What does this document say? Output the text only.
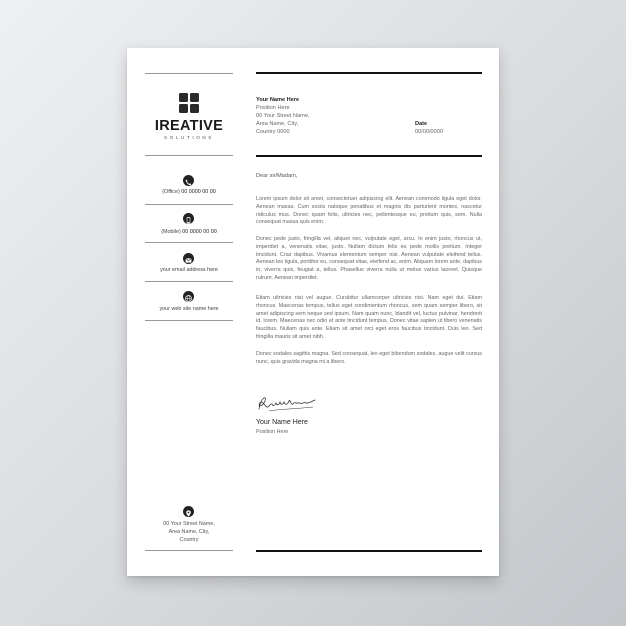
IREATIVE
SOLUTIONS
(Office) 00 0000 00 00
(Mobile) 00 0000 00 00
your email address here
your web site name here
00 Your Street Name,
Area Name, City,
Country
Your Name Here
Position Here
00 Your Street Name,
Area Name, City,
Country 0000
Date
00/00/0000
Dear sir/Madam,
Lorem ipsum dolor sit amet, consectetuer adipiscing elit. Aenean commodo ligula eget dolor. Aenean massa. Cum sociis natoque penatibus et magnis dis parturient montes, nascetur ridiculus mus. Donec quam felis, ultricies nec, pellentesque eu, pretium quis, sem. Nulla consequat massa quis enim.
Donec pede justo, fringilla vel, aliquet nec, vulputate eget, arcu. In enim justo, rhoncus ut, imperdiet a, venenatis vitae, justo. Nullam dictum felis eu pede mollis pretium. Integer tincidunt. Cras dapibus. Vivamus elementum semper nisi. Aenean vulputate eleifend tellus. Aenean leo ligula, porttitor eu, consequat vitae, eleifend ac, enim. Aliquam lorem ante, dapibus in, viverra quis, feugiat a, tellus. Phasellus viverra nulla ut metus varius laoreet. Quisque rutrum. Aenean imperdiet.
Etiam ultricies nisi vel augue. Curabitur ullamcorper ultricies nisi. Nam eget dui. Etiam rhoncus. Maecenas tempus, tellus eget condimentum rhoncus, sem quam semper libero, sit amet adipiscing sem neque sed ipsum. Nam quam nunc, blandit vel, luctus pulvinar, hendrerit id, lorem. Maecenas nec odio et ante tincidunt tempus. Donec vitae sapien ut libero venenatis faucibus. Nullam quis ante. Etiam sit amet orci eget eros faucibus tincidunt. Duis leo. Sed fringilla mauris sit amet nibh.
Donec sodales sagittis magna. Sed consequat, leo eget bibendum sodales, augue velit cursus nunc, quis gravida magna mi a libero.
Your Name Here
Position Here
